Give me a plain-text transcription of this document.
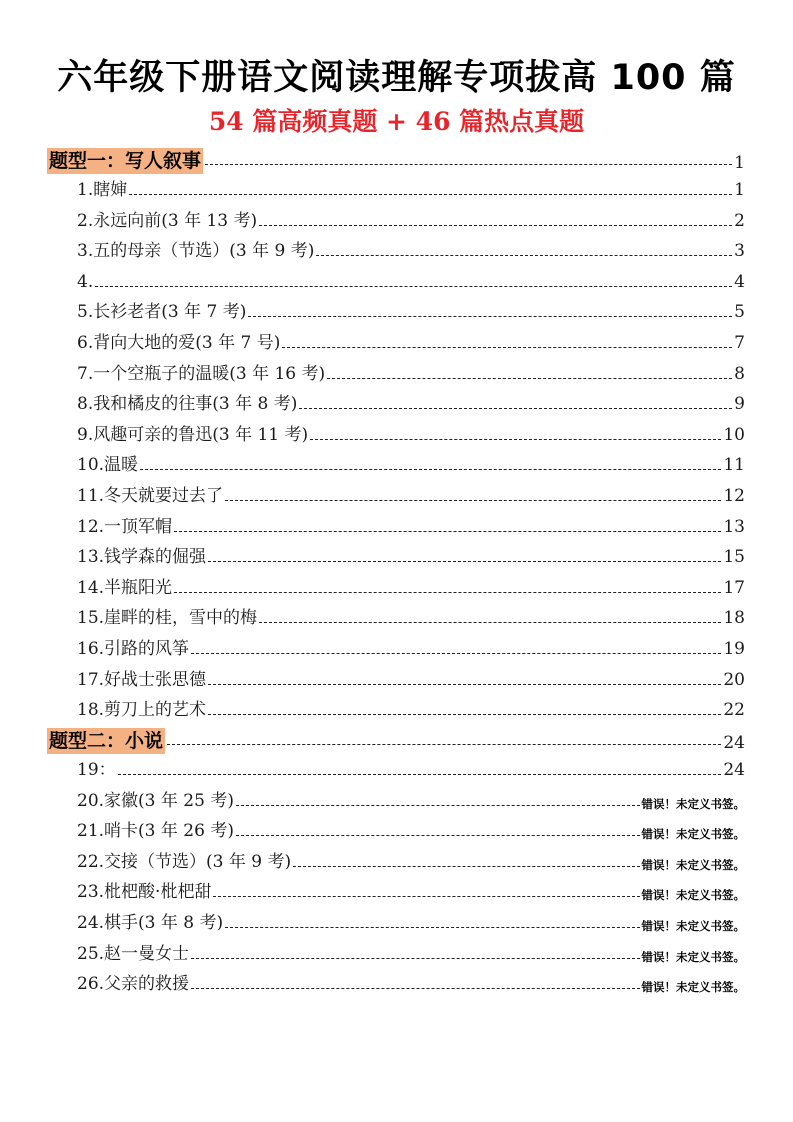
六年级下册语文阅读理解专项拔高 100 篇
54 篇高频真题 + 46 篇热点真题
题型一：写人叙事	1
1.瞎婶	1
2.永远向前(3 年 13 考)	2
3.五的母亲（节选）(3 年 9 考)	3
4.	4
5.长衫老者(3 年 7 考)	5
6.背向大地的爱(3 年 7 号)	7
7.一个空瓶子的温暖(3 年 16 考)	8
8.我和橘皮的往事(3 年 8 考)	9
9.风趣可亲的鲁迅(3 年 11 考)	10
10.温暖	11
11.冬天就要过去了	12
12.一顶军帽	13
13.钱学森的倔强	15
14.半瓶阳光	17
15.崖畔的桂，雪中的梅	18
16.引路的风筝	19
17.好战士张思德	20
18.剪刀上的艺术	22
题型二：小说	24
19：	24
20.家徽(3 年 25 考)	错误！未定义书签。
21.哨卡(3 年 26 考)	错误！未定义书签。
22.交接（节选）(3 年 9 考)	错误！未定义书签。
23.枇杷酸·枇杷甜	错误！未定义书签。
24.棋手(3 年 8 考)	错误！未定义书签。
25.赵一曼女士	错误！未定义书签。
26.父亲的救援	错误！未定义书签。
